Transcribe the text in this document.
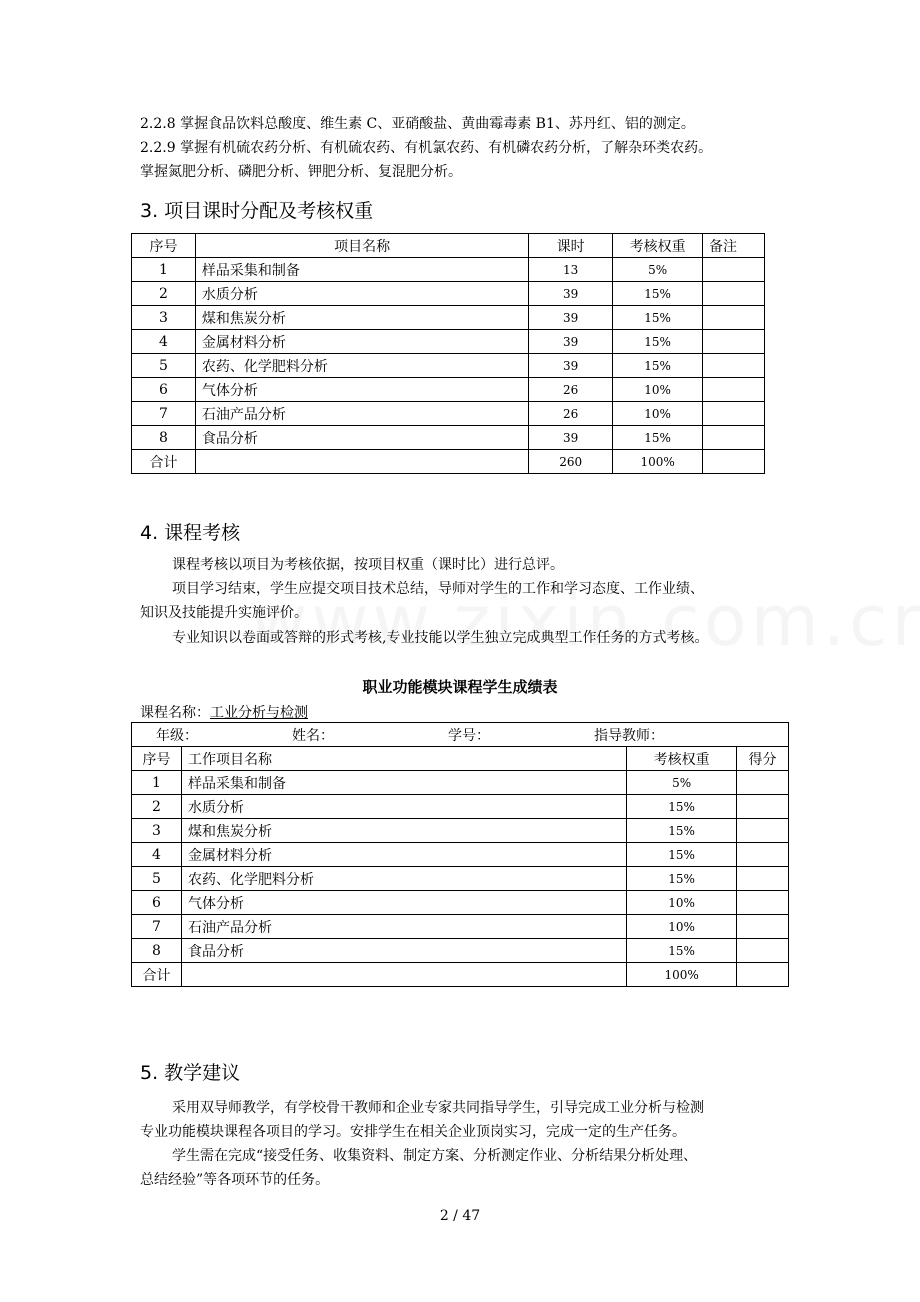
2.2.8 掌握食品饮料总酸度、维生素 C、亚硝酸盐、黄曲霉毒素 B1、苏丹红、铝的测定。

2.2.9 掌握有机硫农药分析、有机硫农药、有机氯农药、有机磷农药分析，了解杂环类农药。

掌握氮肥分析、磷肥分析、钾肥分析、复混肥分析。

3. 项目课时分配及考核权重
序号	项目名称	课时	考核权重	备注
1	样品采集和制备	13	5%	
2	水质分析	39	15%	
3	煤和焦炭分析	39	15%	
4	金属材料分析	39	15%	
5	农药、化学肥料分析	39	15%	
6	气体分析	26	10%	
7	石油产品分析	26	10%	
8	食品分析	39	15%	
合计		260	100%	
4. 课程考核

课程考核以项目为考核依据，按项目权重（课时比）进行总评。

项目学习结束，学生应提交项目技术总结，导师对学生的工作和学习态度、工作业绩、

知识及技能提升实施评价。

专业知识以卷面或答辩的形式考核,专业技能以学生独立完成典型工作任务的方式考核。

职业功能模块课程学生成绩表
课程名称：工业分析与检测
年级： 姓名： 学号： 指导教师：			
序号	工作项目名称	考核权重	得分
1	样品采集和制备	5%	
2	水质分析	15%	
3	煤和焦炭分析	15%	
4	金属材料分析	15%	
5	农药、化学肥料分析	15%	
6	气体分析	10%	
7	石油产品分析	10%	
8	食品分析	15%	
合计		100%	
5. 教学建议

采用双导师教学，有学校骨干教师和企业专家共同指导学生，引导完成工业分析与检测

专业功能模块课程各项目的学习。安排学生在相关企业顶岗实习，完成一定的生产任务。

学生需在完成“接受任务、收集资料、制定方案、分析测定作业、分析结果分析处理、

总结经验”等各项环节的任务。

2 / 47
